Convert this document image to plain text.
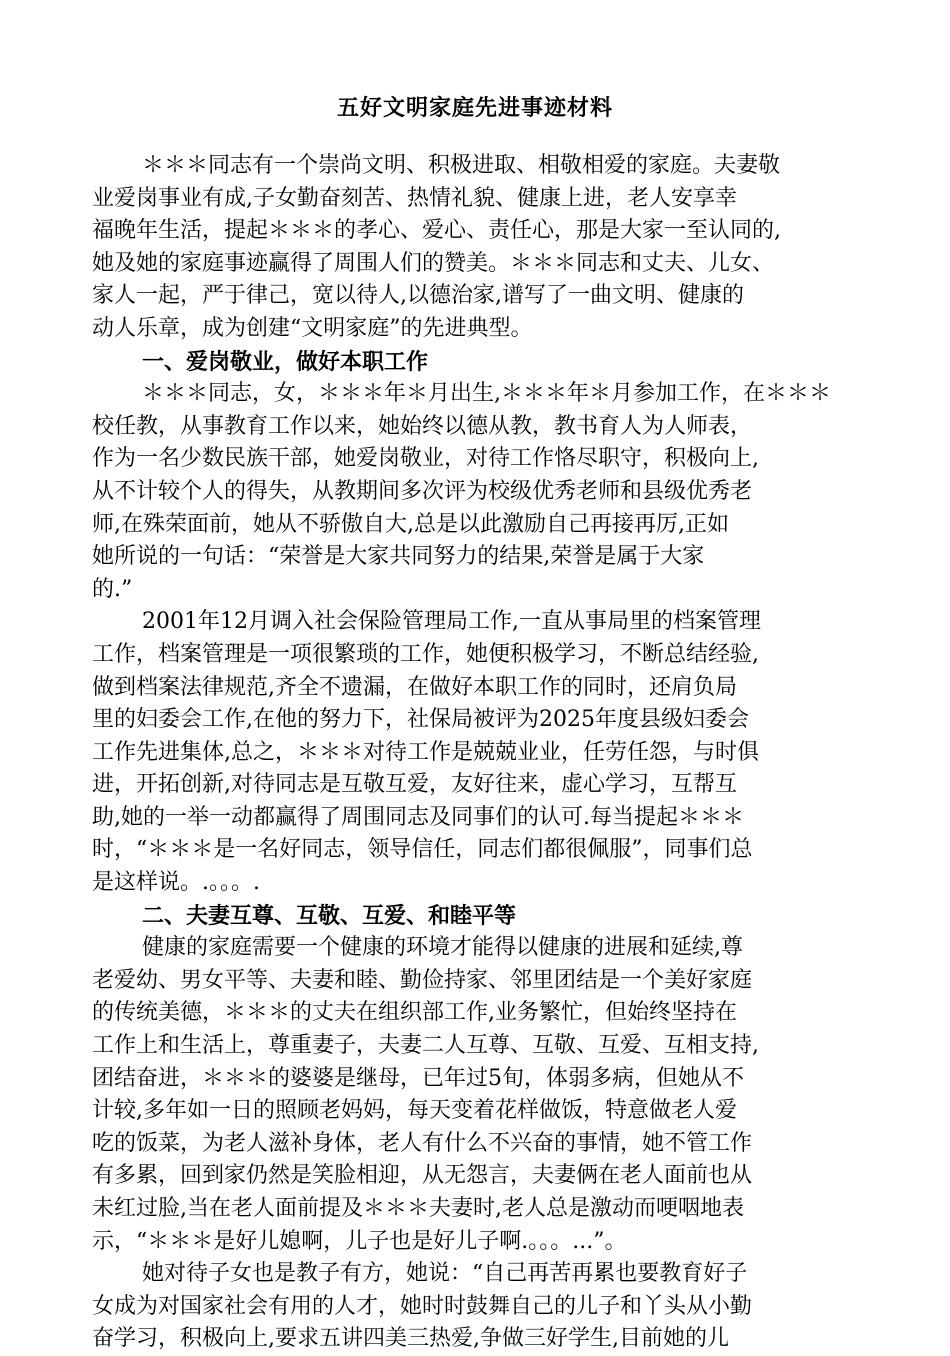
五好文明家庭先进事迹材料
＊＊＊同志有一个崇尚文明、积极进取、相敬相爱的家庭。夫妻敬
业爱岗事业有成,子女勤奋刻苦、热情礼貌、健康上进，老人安享幸
福晚年生活，提起＊＊＊的孝心、爱心、责任心，那是大家一至认同的,
她及她的家庭事迹赢得了周围人们的赞美。＊＊＊同志和丈夫、儿女、
家人一起，严于律己，宽以待人,以德治家,谱写了一曲文明、健康的
动人乐章，成为创建“文明家庭”的先进典型。
一、爱岗敬业，做好本职工作
＊＊＊同志，女，＊＊＊年＊月出生,＊＊＊年＊月参加工作，在＊＊＊
校任教，从事教育工作以来，她始终以德从教，教书育人为人师表，
作为一名少数民族干部，她爱岗敬业，对待工作恪尽职守，积极向上,
从不计较个人的得失，从教期间多次评为校级优秀老师和县级优秀老
师,在殊荣面前，她从不骄傲自大,总是以此激励自己再接再厉,正如
她所说的一句话：“荣誉是大家共同努力的结果,荣誉是属于大家
的.”
2001年12月调入社会保险管理局工作,一直从事局里的档案管理
工作，档案管理是一项很繁琐的工作，她便积极学习，不断总结经验,
做到档案法律规范,齐全不遗漏，在做好本职工作的同时，还肩负局
里的妇委会工作,在他的努力下，社保局被评为2025年度县级妇委会
工作先进集体,总之，＊＊＊对待工作是兢兢业业，任劳任怨，与时俱
进，开拓创新,对待同志是互敬互爱，友好往来，虚心学习，互帮互
助,她的一举一动都赢得了周围同志及同事们的认可.每当提起＊＊＊
时，“＊＊＊是一名好同志，领导信任，同志们都很佩服”，同事们总
是这样说。.。。。.
二、夫妻互尊、互敬、互爱、和睦平等
健康的家庭需要一个健康的环境才能得以健康的进展和延续,尊
老爱幼、男女平等、夫妻和睦、勤俭持家、邻里团结是一个美好家庭
的传统美德，＊＊＊的丈夫在组织部工作,业务繁忙，但始终坚持在
工作上和生活上，尊重妻子，夫妻二人互尊、互敬、互爱、互相支持,
团结奋进，＊＊＊的婆婆是继母，已年过5旬，体弱多病，但她从不
计较,多年如一日的照顾老妈妈，每天变着花样做饭，特意做老人爱
吃的饭菜，为老人滋补身体，老人有什么不兴奋的事情，她不管工作
有多累，回到家仍然是笑脸相迎，从无怨言，夫妻俩在老人面前也从
未红过脸,当在老人面前提及＊＊＊夫妻时,老人总是激动而哽咽地表
示，“＊＊＊是好儿媳啊，儿子也是好儿子啊.。。。...”。
她对待子女也是教子有方，她说：“自己再苦再累也要教育好子
女成为对国家社会有用的人才，她时时鼓舞自己的儿子和丫头从小勤
奋学习，积极向上,要求五讲四美三热爱,争做三好学生,目前她的儿
